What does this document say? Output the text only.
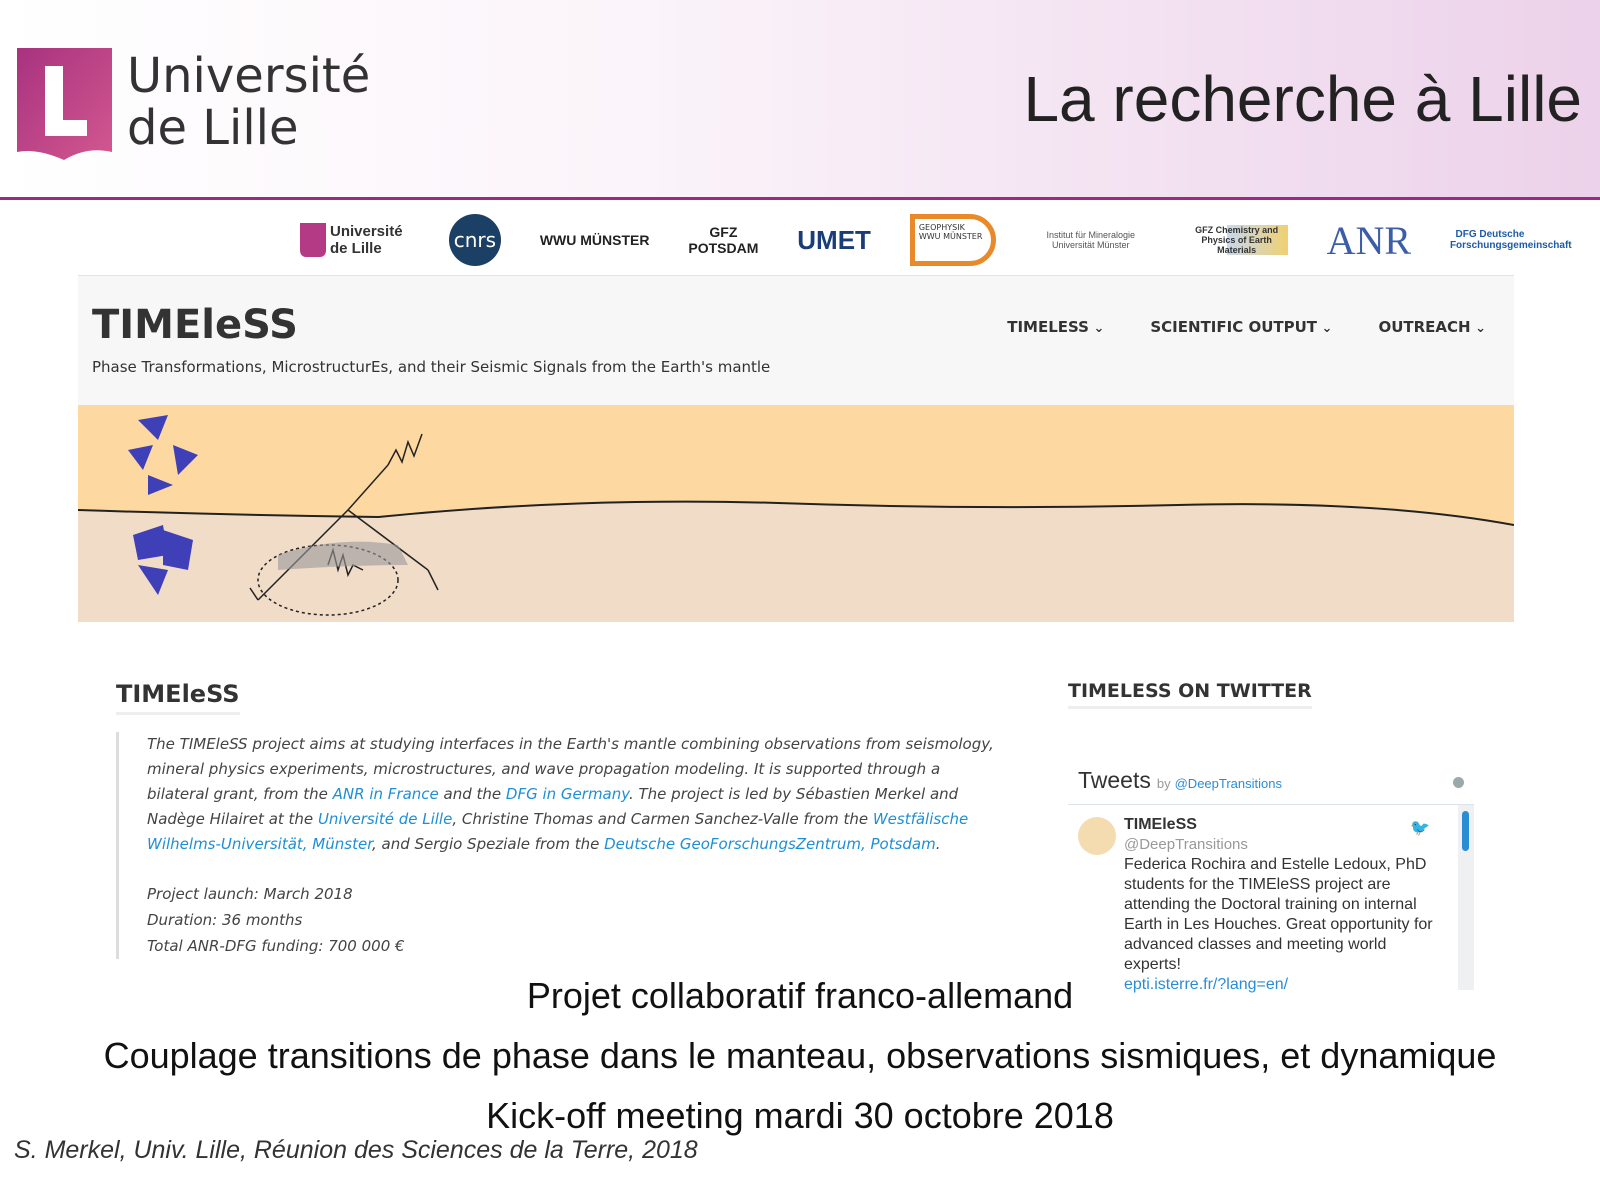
Université
de Lille	La recherche à Lille
Université de Lille	cnrs	WWU MÜNSTER	GFZ POTSDAM UMET	GEOPHYSIK WWU MÜNSTER	Institut für Mineralogie Universität Münster
GFZ Chemistry and Physics of Earth Materials	ANR	DFG Deutsche Forschungsgemeinschaft
TIMEleSS
Phase Transformations, MicrostructurEs, and their Seismic Signals from the Earth's mantle
TIMELESS ⌄	SCIENTIFIC OUTPUT ⌄	OUTREACH ⌄
TIMEleSS

The TIMEleSS project aims at studying interfaces in the Earth's mantle combining observations from seismology, mineral physics experiments, microstructures, and wave propagation modeling. It is supported through a bilateral grant, from the ANR in France and the DFG in Germany. The project is led by Sébastien Merkel and Nadège Hilairet at the Université de Lille, Christine Thomas and Carmen Sanchez-Valle from the Westfälische Wilhelms-Universität, Münster, and Sergio Speziale from the Deutsche GeoForschungsZentrum, Potsdam.

Project launch: March 2018
Duration: 36 months
Total ANR-DFG funding: 700 000 €

TIMELESS ON TWITTER
Tweets by @DeepTransitions
🐦
TIMEleSS
@DeepTransitions
Federica Rochira and Estelle Ledoux, PhD students for the TIMEleSS project are attending the Doctoral training on internal Earth in Les Houches. Great opportunity for advanced classes and meeting world experts!
epti.isterre.fr/?lang=en/
Projet collaboratif franco-allemand
Couplage transitions de phase dans le manteau, observations sismiques, et dynamique
Kick-off meeting mardi 30 octobre 2018
S. Merkel, Univ. Lille, Réunion des Sciences de la Terre, 2018
